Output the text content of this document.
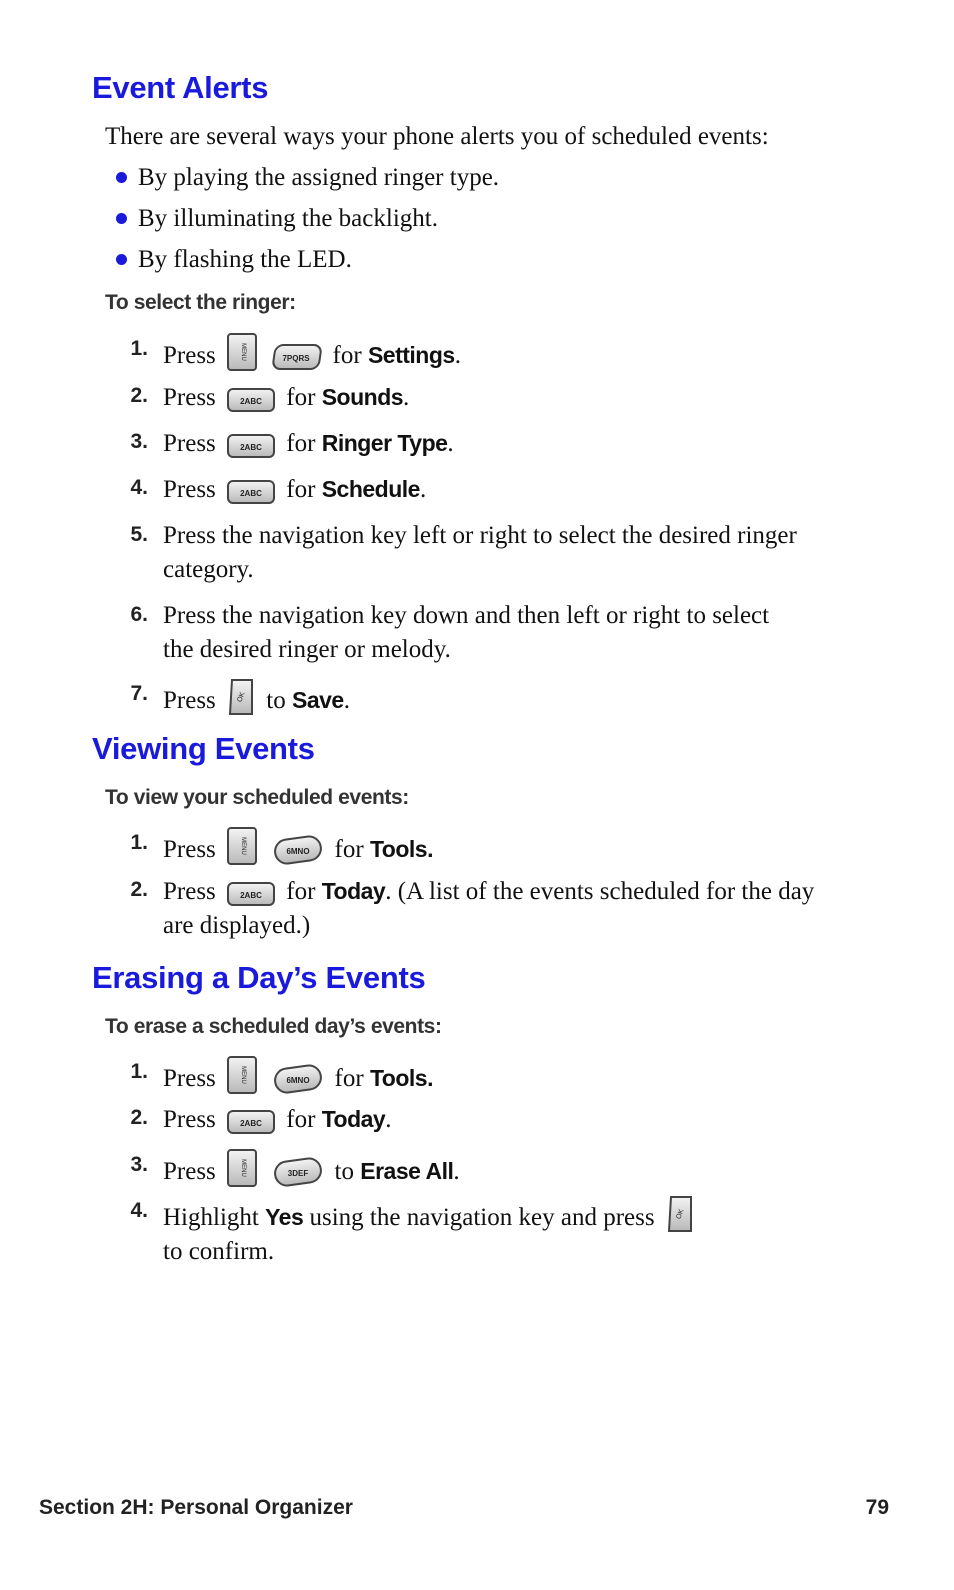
Event Alerts

There are several ways your phone alerts you of scheduled events:

By playing the assigned ringer type.

By illuminating the backlight.

By flashing the LED.

To select the ringer:

1. Press	MENU
	7PQRS for Settings.
2. Press	2ABC for Sounds.
3. Press	2ABC for Ringer Type.
4. Press	2ABC for Schedule.
5. Press the navigation key left or right to select the desired ringer
category.
6. Press the navigation key down and then left or right to select
the desired ringer or melody.
7. Press	OK to Save.
Viewing Events

To view your scheduled events:

1. Press	MENU
	6MNO for Tools.
2. Press	2ABC for Today. (A list of the events scheduled for the day
are displayed.)
Erasing a Day’s Events

To erase a scheduled day’s events:

1. Press	MENU
	6MNO for Tools.
2. Press	2ABC for Today.
3. Press	MENU
	3DEF to Erase All.
4. Highlight Yes using the navigation key and press	OK
to confirm.

Section 2H: Personal Organizer	79
